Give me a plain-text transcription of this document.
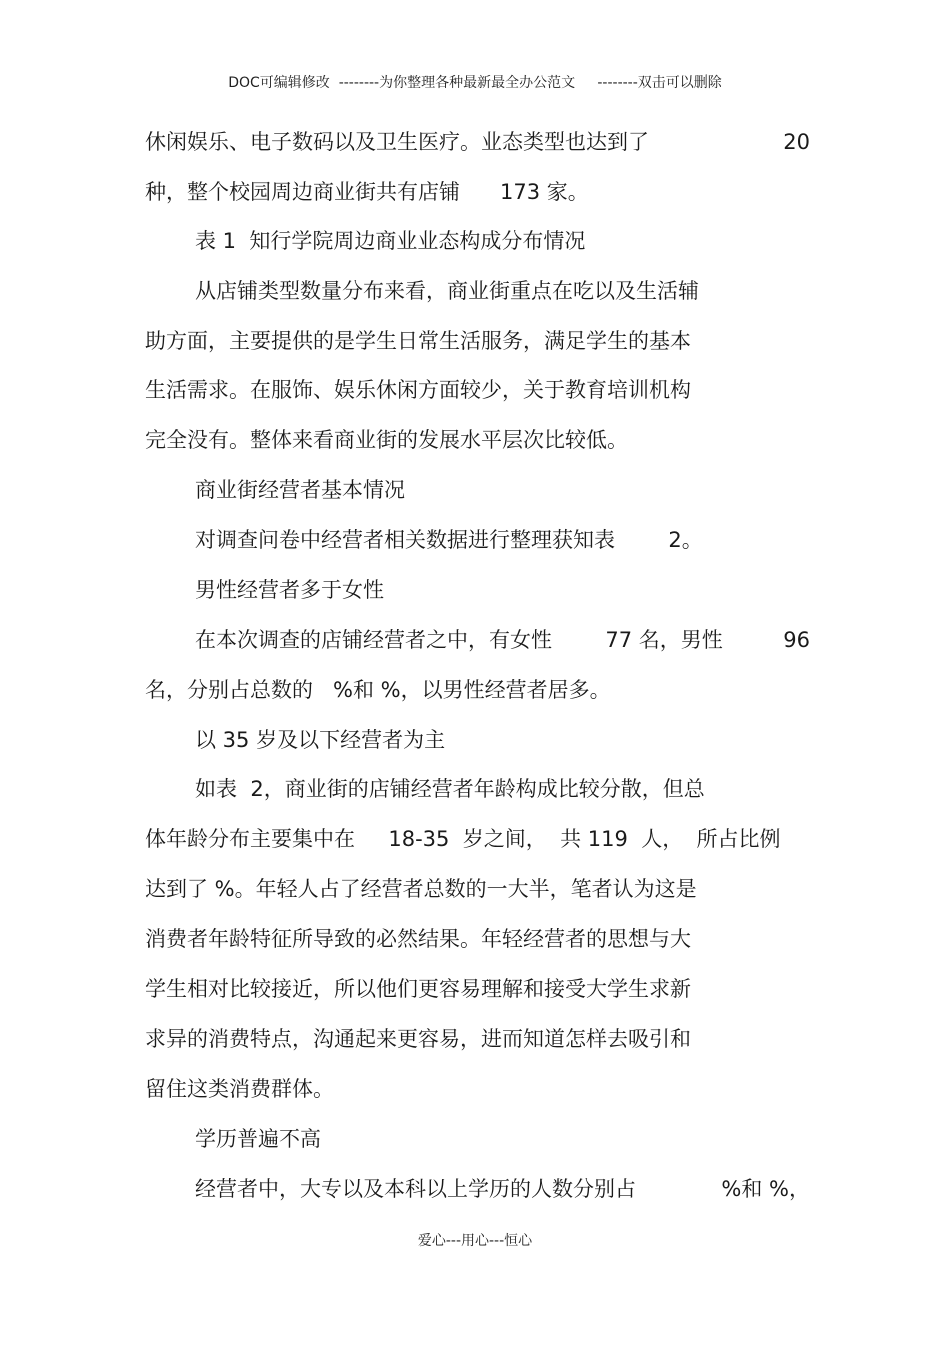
DOC可编辑修改  --------为你整理各种最新最全办公范文     --------双击可以删除
休闲娱乐、电子数码以及卫生医疗。业态类型也达到了	20
种，整个校园周边商业街共有店铺      173 家。
表 1  知行学院周边商业业态构成分布情况
从店铺类型数量分布来看，商业街重点在吃以及生活辅
助方面，主要提供的是学生日常生活服务，满足学生的基本
生活需求。在服饰、娱乐休闲方面较少，关于教育培训机构
完全没有。整体来看商业街的发展水平层次比较低。
商业街经营者基本情况
对调查问卷中经营者相关数据进行整理获知表        2。
男性经营者多于女性
在本次调查的店铺经营者之中，有女性        77 名，男性	96
名，分别占总数的   %和 %，以男性经营者居多。
以 35 岁及以下经营者为主
如表  2，商业街的店铺经营者年龄构成比较分散，但总
体年龄分布主要集中在     18-35  岁之间，  共 119  人，  所占比例
达到了 %。年轻人占了经营者总数的一大半，笔者认为这是
消费者年龄特征所导致的必然结果。年轻经营者的思想与大
学生相对比较接近，所以他们更容易理解和接受大学生求新
求异的消费特点，沟通起来更容易，进而知道怎样去吸引和
留住这类消费群体。
学历普遍不高
经营者中，大专以及本科以上学历的人数分别占	%和 %，
爱心---用心---恒心
